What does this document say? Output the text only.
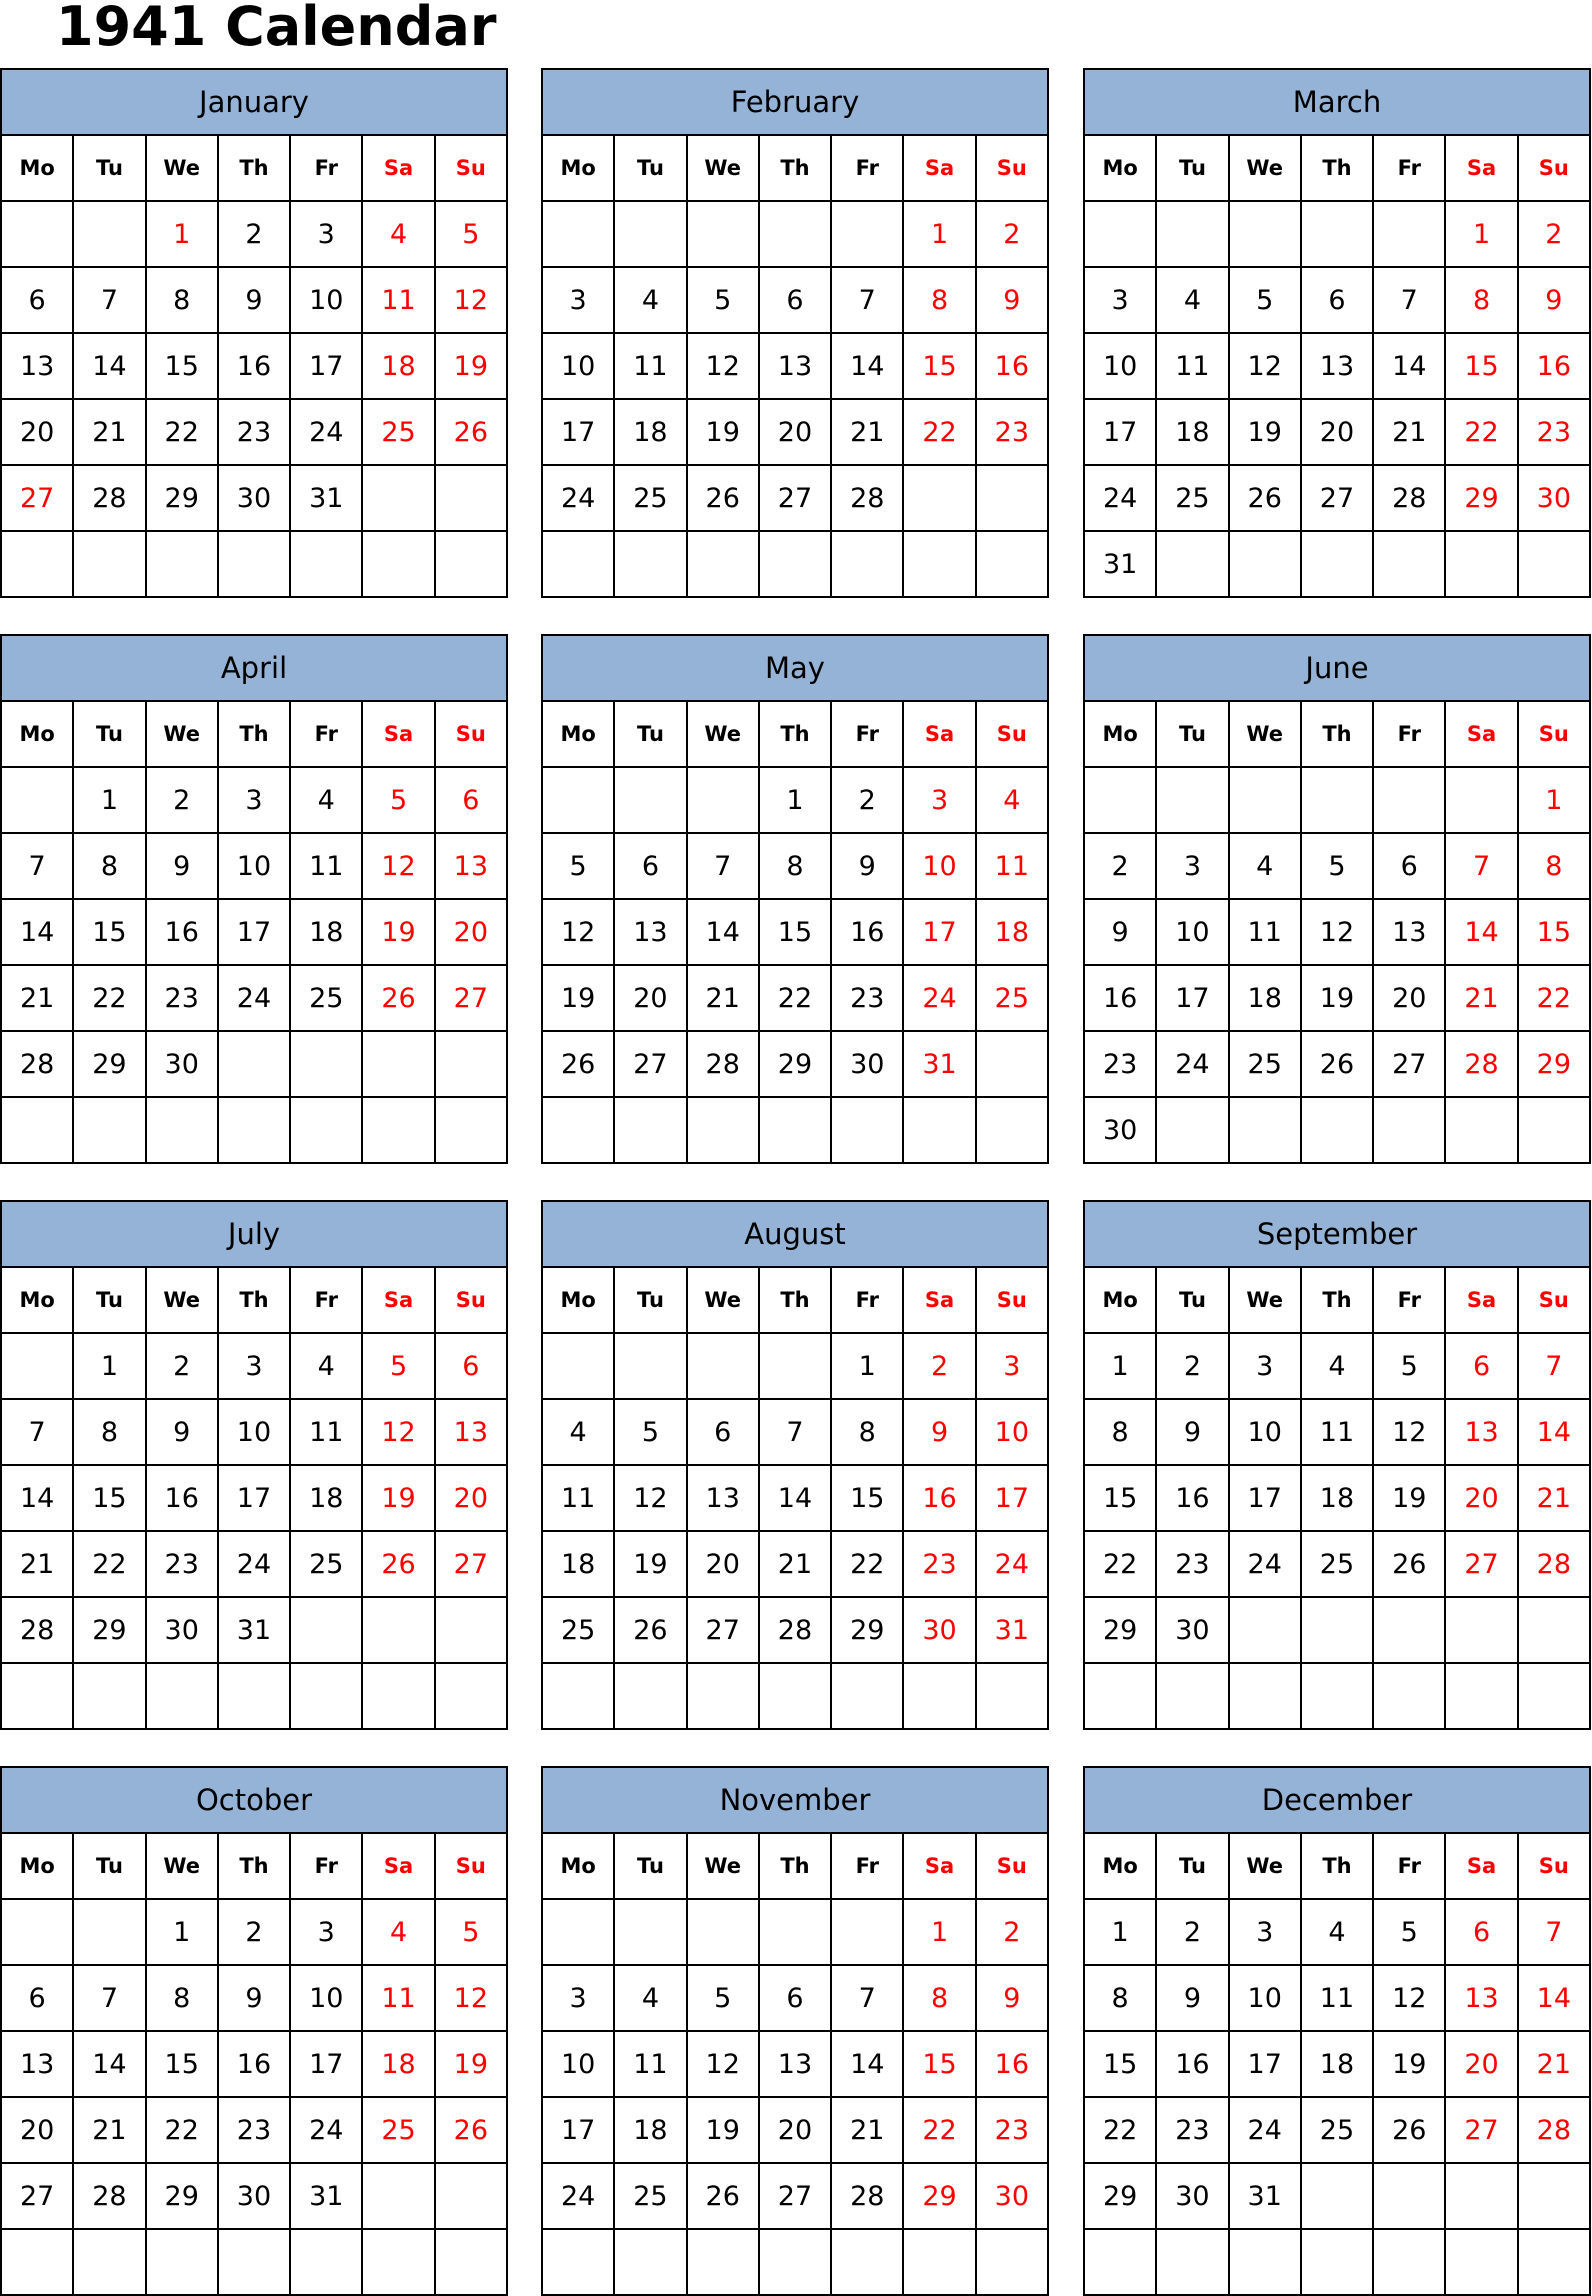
1941 Calendar
January						
Mo	Tu	We	Th	Fr	Sa	Su
		1	2	3	4	5
6	7	8	9	10	11	12
13	14	15	16	17	18	19
20	21	22	23	24	25	26
27	28	29	30	31		

February						
Mo	Tu	We	Th	Fr	Sa	Su
					1	2
3	4	5	6	7	8	9
10	11	12	13	14	15	16
17	18	19	20	21	22	23
24	25	26	27	28		

March						
Mo	Tu	We	Th	Fr	Sa	Su
					1	2
3	4	5	6	7	8	9
10	11	12	13	14	15	16
17	18	19	20	21	22	23
24	25	26	27	28	29	30
31						
April						
Mo	Tu	We	Th	Fr	Sa	Su
	1	2	3	4	5	6
7	8	9	10	11	12	13
14	15	16	17	18	19	20
21	22	23	24	25	26	27
28	29	30				

May						
Mo	Tu	We	Th	Fr	Sa	Su
			1	2	3	4
5	6	7	8	9	10	11
12	13	14	15	16	17	18
19	20	21	22	23	24	25
26	27	28	29	30	31	

June						
Mo	Tu	We	Th	Fr	Sa	Su
						1
2	3	4	5	6	7	8
9	10	11	12	13	14	15
16	17	18	19	20	21	22
23	24	25	26	27	28	29
30						
July						
Mo	Tu	We	Th	Fr	Sa	Su
	1	2	3	4	5	6
7	8	9	10	11	12	13
14	15	16	17	18	19	20
21	22	23	24	25	26	27
28	29	30	31			

August						
Mo	Tu	We	Th	Fr	Sa	Su
				1	2	3
4	5	6	7	8	9	10
11	12	13	14	15	16	17
18	19	20	21	22	23	24
25	26	27	28	29	30	31

September						
Mo	Tu	We	Th	Fr	Sa	Su
1	2	3	4	5	6	7
8	9	10	11	12	13	14
15	16	17	18	19	20	21
22	23	24	25	26	27	28
29	30					

October						
Mo	Tu	We	Th	Fr	Sa	Su
		1	2	3	4	5
6	7	8	9	10	11	12
13	14	15	16	17	18	19
20	21	22	23	24	25	26
27	28	29	30	31		

November						
Mo	Tu	We	Th	Fr	Sa	Su
					1	2
3	4	5	6	7	8	9
10	11	12	13	14	15	16
17	18	19	20	21	22	23
24	25	26	27	28	29	30

December						
Mo	Tu	We	Th	Fr	Sa	Su
1	2	3	4	5	6	7
8	9	10	11	12	13	14
15	16	17	18	19	20	21
22	23	24	25	26	27	28
29	30	31				
